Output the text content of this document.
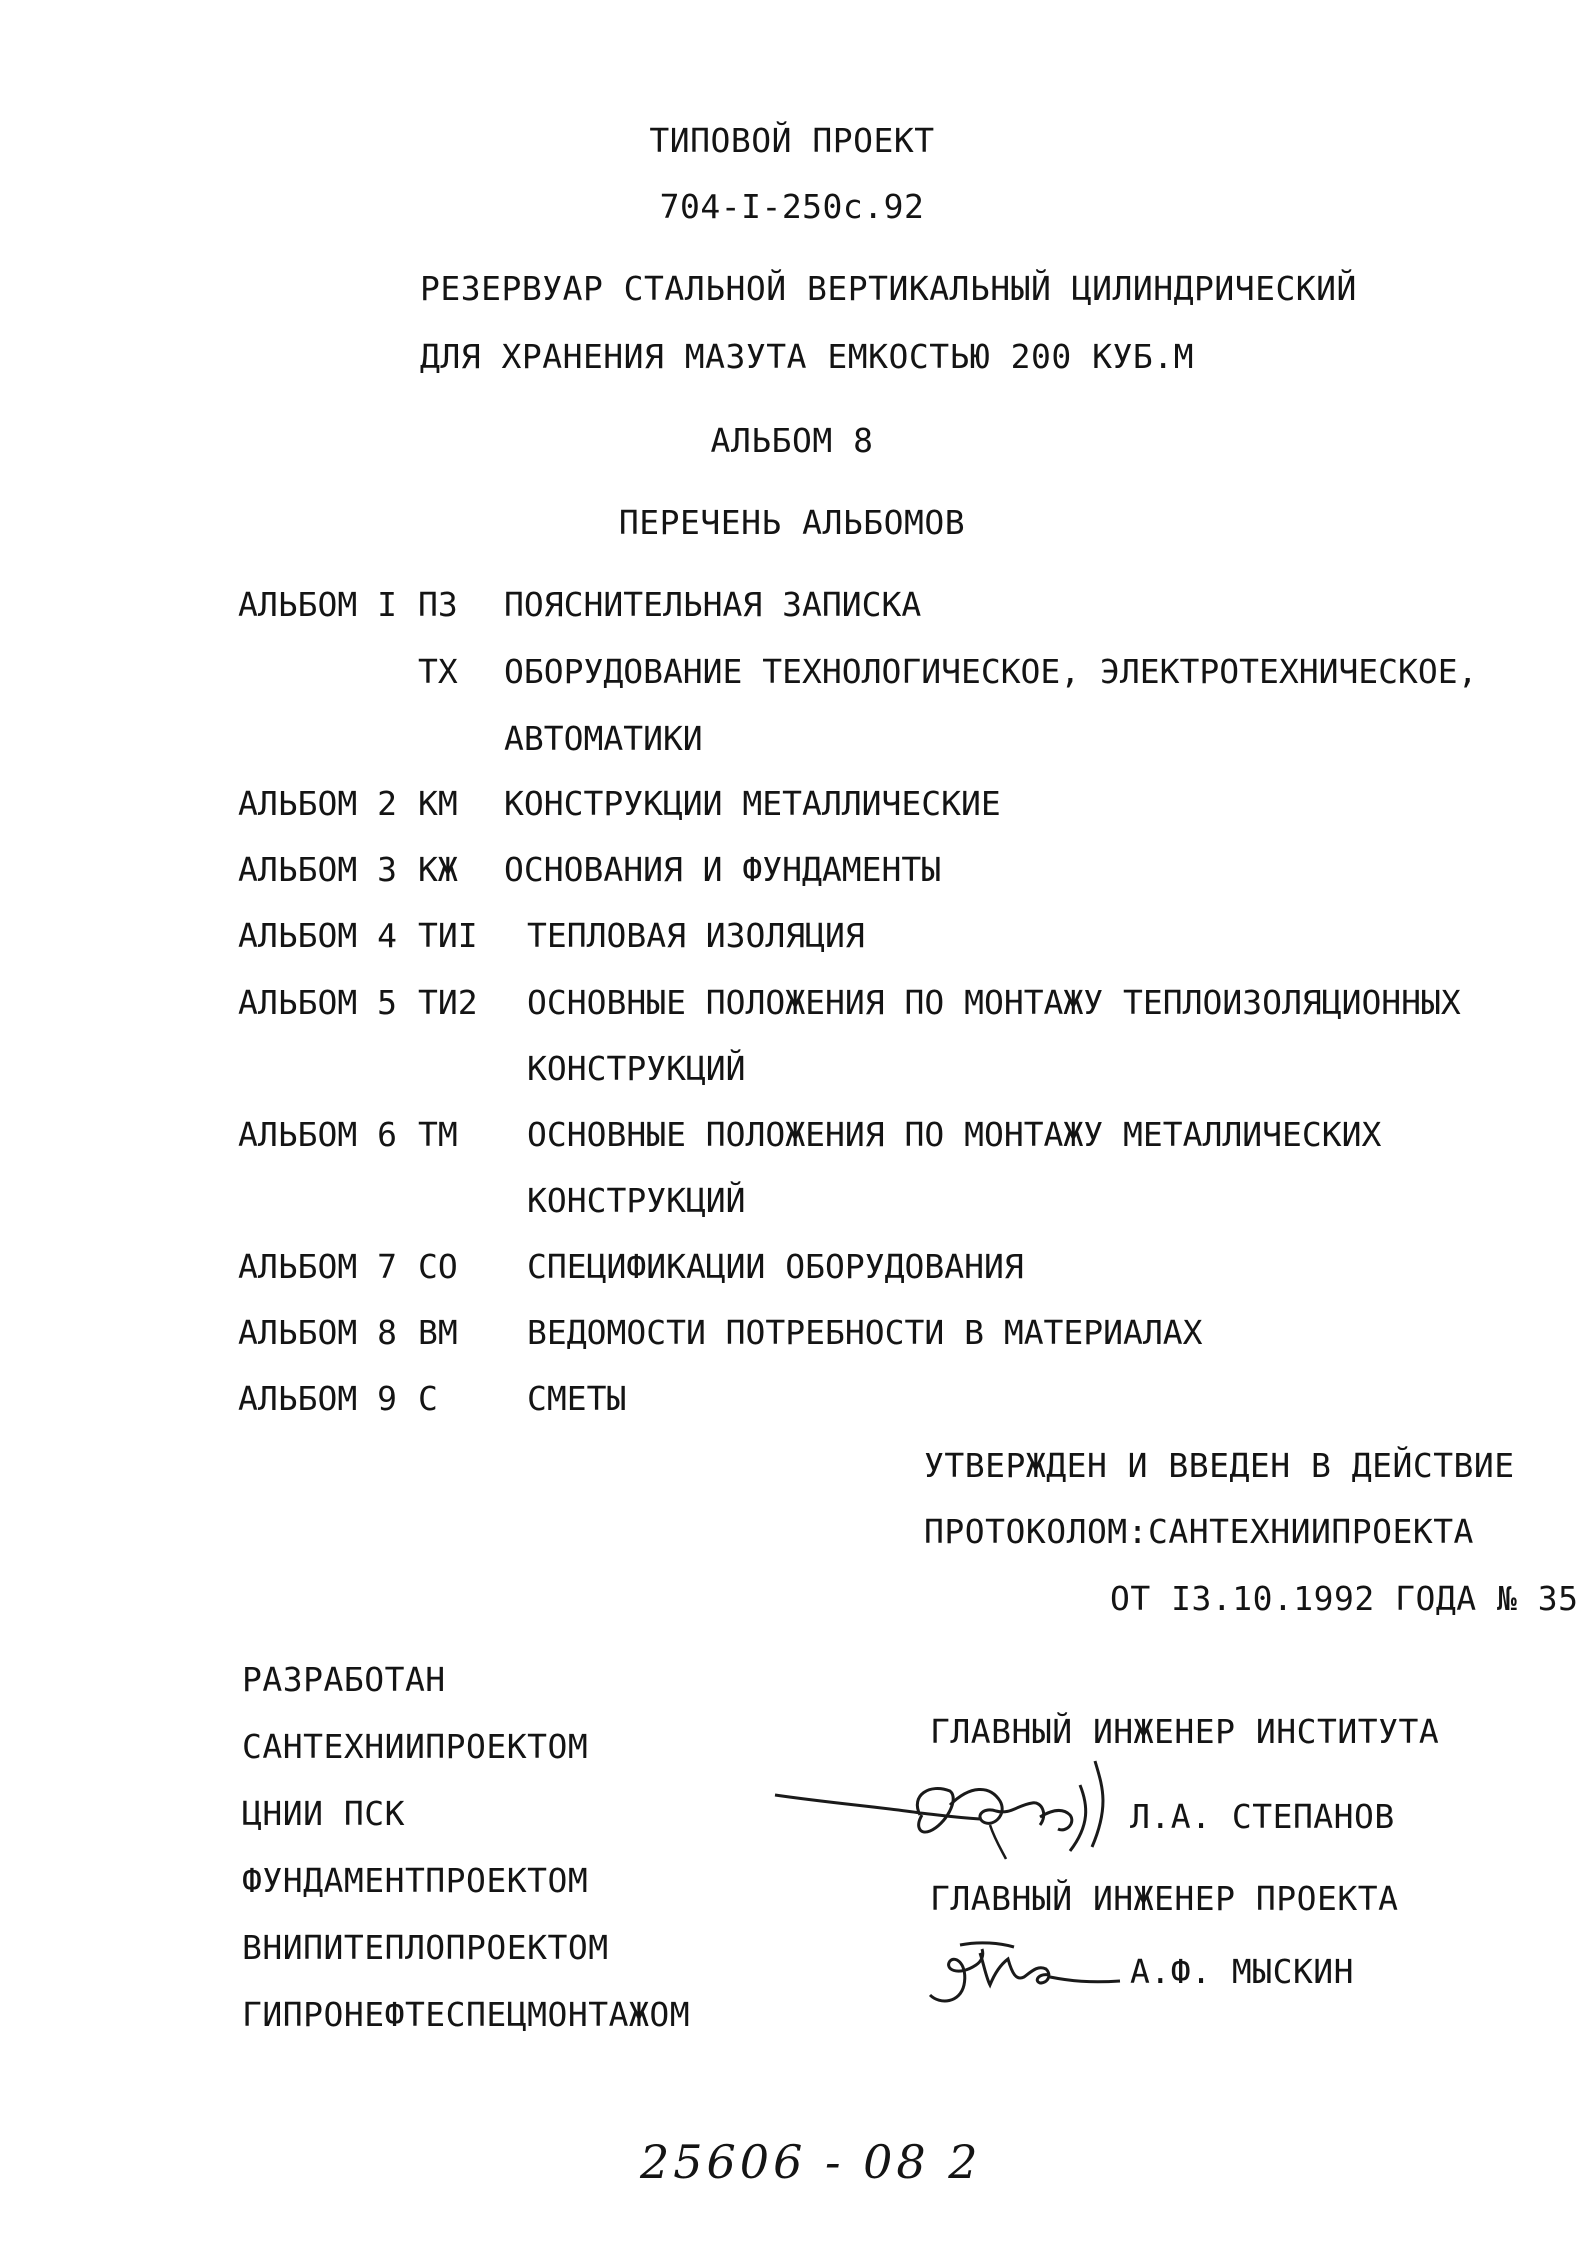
ТИПОВОЙ ПРОЕКТ
704-I-250с.92
РЕЗЕРВУАР СТАЛЬНОЙ ВЕРТИКАЛЬНЫЙ ЦИЛИНДРИЧЕСКИЙ
ДЛЯ ХРАНЕНИЯ МАЗУТА ЕМКОСТЬЮ 200 КУБ.М
АЛЬБОМ 8
ПЕРЕЧЕНЬ АЛЬБОМОВ
АЛЬБОМ I ПЗ ПОЯСНИТЕЛЬНАЯ ЗАПИСКА
ТХ ОБОРУДОВАНИЕ ТЕХНОЛОГИЧЕСКОЕ, ЭЛЕКТРОТЕХНИЧЕСКОЕ,
АВТОМАТИКИ
АЛЬБОМ 2 КМ КОНСТРУКЦИИ МЕТАЛЛИЧЕСКИЕ
АЛЬБОМ 3 КЖ ОСНОВАНИЯ И ФУНДАМЕНТЫ
АЛЬБОМ 4 ТИI ТЕПЛОВАЯ ИЗОЛЯЦИЯ
АЛЬБОМ 5 ТИ2 ОСНОВНЫЕ ПОЛОЖЕНИЯ ПО МОНТАЖУ ТЕПЛОИЗОЛЯЦИОННЫХ
КОНСТРУКЦИЙ
АЛЬБОМ 6 ТМ ОСНОВНЫЕ ПОЛОЖЕНИЯ ПО МОНТАЖУ МЕТАЛЛИЧЕСКИХ
КОНСТРУКЦИЙ
АЛЬБОМ 7 СО СПЕЦИФИКАЦИИ ОБОРУДОВАНИЯ
АЛЬБОМ 8 ВМ ВЕДОМОСТИ ПОТРЕБНОСТИ В МАТЕРИАЛАХ
АЛЬБОМ 9 С	СМЕТЫ
УТВЕРЖДЕН И ВВЕДЕН В ДЕЙСТВИЕ
ПРОТОКОЛОМ:САНТЕХНИИПРОЕКТА
ОТ I3.10.1992 ГОДА № 35
РАЗРАБОТАН
САНТЕХНИИПРОЕКТОМ
ЦНИИ ПСК
ФУНДАМЕНТПРОЕКТОМ
ВНИПИТЕПЛОПРОЕКТОМ
ГИПРОНЕФТЕСПЕЦМОНТАЖОМ
ГЛАВНЫЙ ИНЖЕНЕР ИНСТИТУТА
Л.А. СТЕПАНОВ
ГЛАВНЫЙ ИНЖЕНЕР ПРОЕКТА
А.Ф. МЫСКИН
25606 - 08 2
